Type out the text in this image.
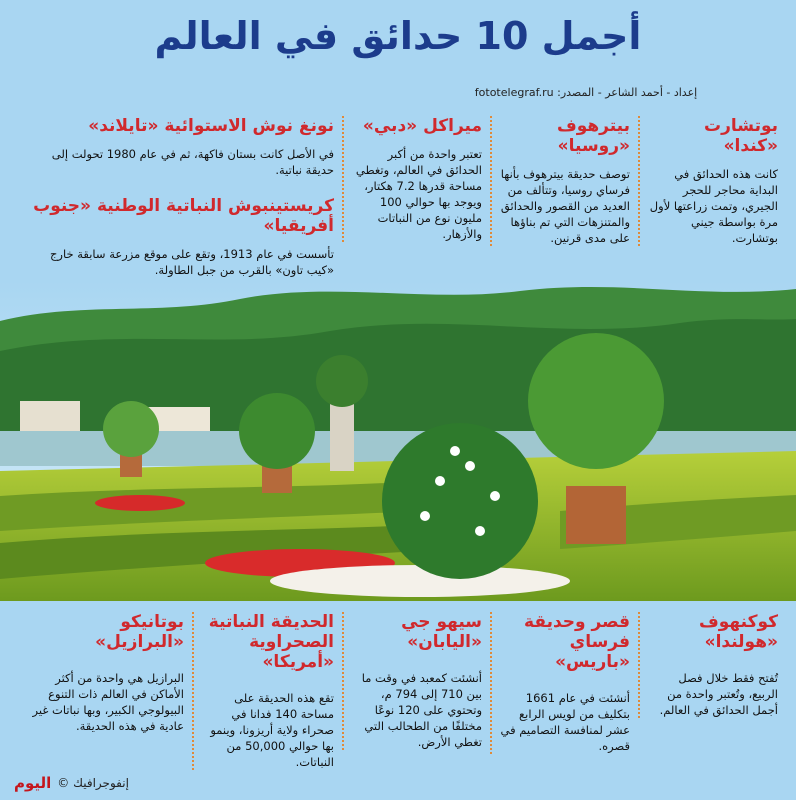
أجمل 10 حدائق في العالم
إعداد - أحمد الشاعر - المصدر: fototelegraf.ru

بوتشارت «كندا»

كانت هذه الحدائق في البداية محاجر للحجر الجيري، وتمت زراعتها لأول مرة بواسطة جيني بوتشارت.

بيترهوف «روسيا»

توصف حديقة بيترهوف بأنها فرساي روسيا، وتتألف من العديد من القصور والحدائق والمتنزهات التي تم بناؤها على مدى قرنين.

ميراكل «دبي»

تعتبر واحدة من أكبر الحدائق في العالم، وتغطي مساحة قدرها 7.2 هكتار، ويوجد بها حوالي 100 مليون نوع من النباتات والأزهار.

نونغ نوش الاستوائية «تايلاند»

في الأصل كانت بستان فاكهة، ثم في عام 1980 تحولت إلى حديقة نباتية.

كريستينبوش النباتية الوطنية «جنوب أفريقيا»

تأسست في عام 1913، وتقع على موقع مزرعة سابقة خارج «كيب تاون» بالقرب من جبل الطاولة.

كوكنهوف

«هولندا»

تُفتح فقط خلال فصل الربيع، وتُعتبر واحدة من أجمل الحدائق في العالم.

قصر وحديقة

فرساي «باريس»

أنشئت في عام 1661 بتكليف من لويس الرابع عشر لمنافسة التصاميم في قصره.

سيهو جي

«اليابان»

أنشئت كمعبد في وقت ما بين 710 إلى 794 م، وتحتوي على 120 نوعًا مختلفًا من الطحالب التي تغطي الأرض.

الحديقة النباتية

الصحراوية «أمريكا»

تقع هذه الحديقة على مساحة 140 فدانا في صحراء ولاية أريزونا، وينمو بها حوالي 50,000 من النباتات.

بوتانيكو

«البرازيل»

البرازيل هي واحدة من أكثر الأماكن في العالم ذات التنوع البيولوجي الكبير، وبها نباتات غير عادية في هذه الحديقة.

إنفوجرافيك ©
اليوم
